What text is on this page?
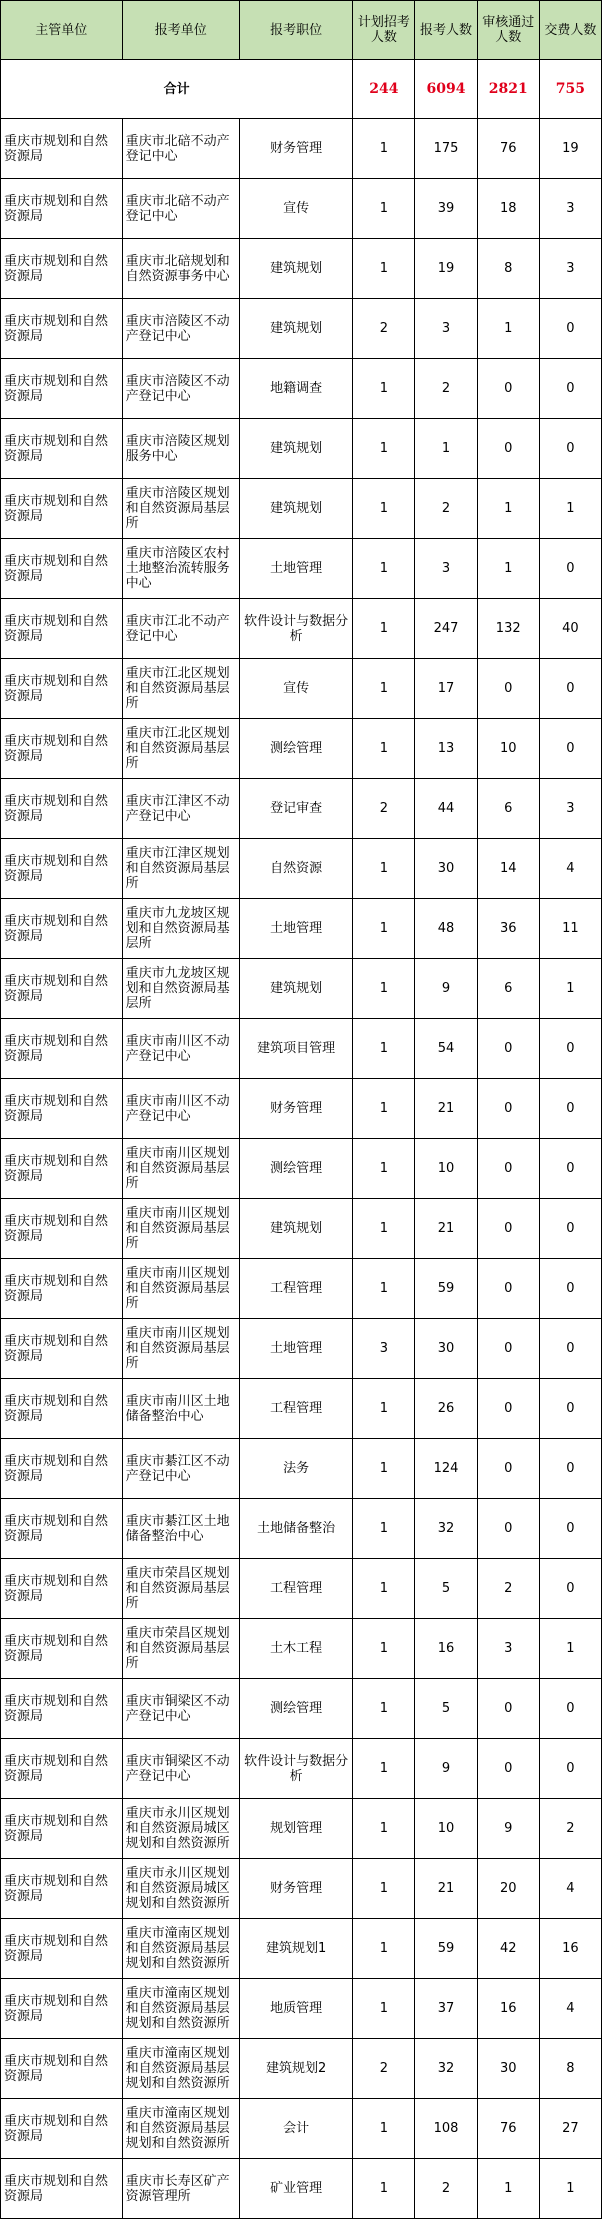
主管单位	报考单位	报考职位	计划招考人数	报考人数	审核通过人数	交费人数
合计			244	6094	2821	755
重庆市规划和自然资源局	重庆市北碚不动产登记中心	财务管理	1	175	76	19
重庆市规划和自然资源局	重庆市北碚不动产登记中心	宣传	1	39	18	3
重庆市规划和自然资源局	重庆市北碚规划和自然资源事务中心	建筑规划	1	19	8	3
重庆市规划和自然资源局	重庆市涪陵区不动产登记中心	建筑规划	2	3	1	0
重庆市规划和自然资源局	重庆市涪陵区不动产登记中心	地籍调查	1	2	0	0
重庆市规划和自然资源局	重庆市涪陵区规划服务中心	建筑规划	1	1	0	0
重庆市规划和自然资源局	重庆市涪陵区规划和自然资源局基层所	建筑规划	1	2	1	1
重庆市规划和自然资源局	重庆市涪陵区农村土地整治流转服务中心	土地管理	1	3	1	0
重庆市规划和自然资源局	重庆市江北不动产登记中心	软件设计与数据分析	1	247	132	40
重庆市规划和自然资源局	重庆市江北区规划和自然资源局基层所	宣传	1	17	0	0
重庆市规划和自然资源局	重庆市江北区规划和自然资源局基层所	测绘管理	1	13	10	0
重庆市规划和自然资源局	重庆市江津区不动产登记中心	登记审查	2	44	6	3
重庆市规划和自然资源局	重庆市江津区规划和自然资源局基层所	自然资源	1	30	14	4
重庆市规划和自然资源局	重庆市九龙坡区规划和自然资源局基层所	土地管理	1	48	36	11
重庆市规划和自然资源局	重庆市九龙坡区规划和自然资源局基层所	建筑规划	1	9	6	1
重庆市规划和自然资源局	重庆市南川区不动产登记中心	建筑项目管理	1	54	0	0
重庆市规划和自然资源局	重庆市南川区不动产登记中心	财务管理	1	21	0	0
重庆市规划和自然资源局	重庆市南川区规划和自然资源局基层所	测绘管理	1	10	0	0
重庆市规划和自然资源局	重庆市南川区规划和自然资源局基层所	建筑规划	1	21	0	0
重庆市规划和自然资源局	重庆市南川区规划和自然资源局基层所	工程管理	1	59	0	0
重庆市规划和自然资源局	重庆市南川区规划和自然资源局基层所	土地管理	3	30	0	0
重庆市规划和自然资源局	重庆市南川区土地储备整治中心	工程管理	1	26	0	0
重庆市规划和自然资源局	重庆市綦江区不动产登记中心	法务	1	124	0	0
重庆市规划和自然资源局	重庆市綦江区土地储备整治中心	土地储备整治	1	32	0	0
重庆市规划和自然资源局	重庆市荣昌区规划和自然资源局基层所	工程管理	1	5	2	0
重庆市规划和自然资源局	重庆市荣昌区规划和自然资源局基层所	土木工程	1	16	3	1
重庆市规划和自然资源局	重庆市铜梁区不动产登记中心	测绘管理	1	5	0	0
重庆市规划和自然资源局	重庆市铜梁区不动产登记中心	软件设计与数据分析	1	9	0	0
重庆市规划和自然资源局	重庆市永川区规划和自然资源局城区规划和自然资源所	规划管理	1	10	9	2
重庆市规划和自然资源局	重庆市永川区规划和自然资源局城区规划和自然资源所	财务管理	1	21	20	4
重庆市规划和自然资源局	重庆市潼南区规划和自然资源局基层规划和自然资源所	建筑规划1	1	59	42	16
重庆市规划和自然资源局	重庆市潼南区规划和自然资源局基层规划和自然资源所	地质管理	1	37	16	4
重庆市规划和自然资源局	重庆市潼南区规划和自然资源局基层规划和自然资源所	建筑规划2	2	32	30	8
重庆市规划和自然资源局	重庆市潼南区规划和自然资源局基层规划和自然资源所	会计	1	108	76	27
重庆市规划和自然资源局	重庆市长寿区矿产资源管理所	矿业管理	1	2	1	1
